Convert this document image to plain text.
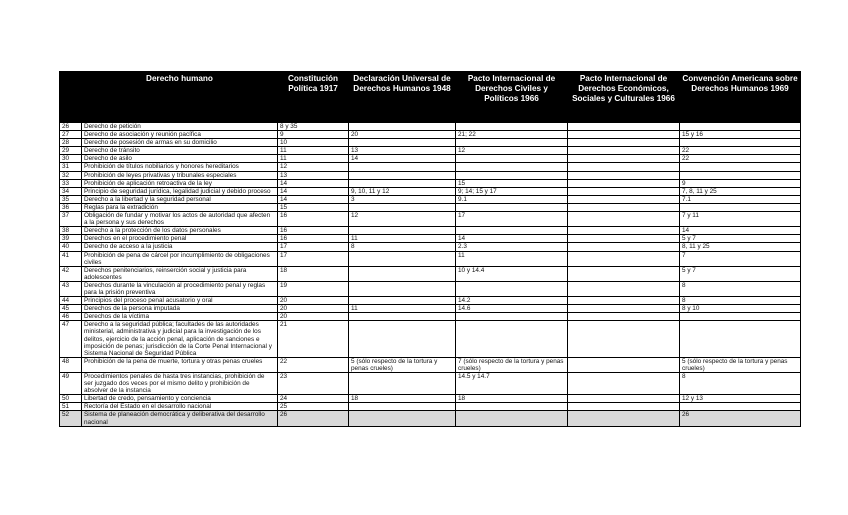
	Derecho humano	Constitución Política 1917	Declaración Universal de Derechos Humanos 1948	Pacto Internacional de Derechos Civiles y Políticos 1966	Pacto Internacional de Derechos Económicos, Sociales y Culturales 1966	Convención Americana sobre Derechos Humanos 1969
26	Derecho de petición	8 y 35				
27	Derecho de asociación y reunión pacífica	9	20	21; 22		15 y 16
28	Derecho de posesión de armas en su domicilio	10				
29	Derecho de tránsito	11	13	12		22
30	Derecho de asilo	11	14			22
31	Prohibición de títulos nobiliarios y honores hereditarios	12				
32	Prohibición de leyes privativas y tribunales especiales	13				
33	Prohibición de aplicación retroactiva de la ley	14		15		9
34	Principio de seguridad jurídica, legalidad judicial y debido proceso	14	9, 10, 11 y 12	9; 14; 15 y 17		7, 8, 11 y 25
35	Derecho a la libertad y la seguridad personal	14	3	9.1		7.1
36	Reglas para la extradición	15				
37	Obligación de fundar y motivar los actos de autoridad que afecten a la persona y sus derechos	16	12	17		7 y 11
38	Derecho a la protección de los datos personales	16				14
39	Derechos en el procedimiento penal	16	11	14		5 y 7
40	Derecho de acceso a la justicia	17	8	2.3		8, 11 y 25
41	Prohibición de pena de cárcel por incumplimiento de obligaciones civiles	17		11		7
42	Derechos penitenciarios, reinserción social y justicia para adolescentes	18		10 y 14.4		5 y 7
43	Derechos durante la vinculación al procedimiento penal y reglas para la prisión preventiva	19				8
44	Principios del proceso penal acusatorio y oral	20		14.2		8
45	Derechos de la persona imputada	20	11	14.6		8 y 10
46	Derechos de la víctima	20				
47	Derecho a la seguridad pública; facultades de las autoridades ministerial, administrativa y judicial para la investigación de los delitos, ejercicio de la acción penal, aplicación de sanciones e imposición de penas; jurisdicción de la Corte Penal Internacional y Sistema Nacional de Seguridad Pública	21				
48	Prohibición de la pena de muerte, tortura y otras penas crueles	22	5 (sólo respecto de la tortura y penas crueles)	7 (sólo respecto de la tortura y penas crueles)		5 (sólo respecto de la tortura y penas crueles)
49	Procedimientos penales de hasta tres instancias, prohibición de ser juzgado dos veces por el mismo delito y prohibición de absolver de la instancia	23		14.5 y 14.7		8
50	Libertad de credo, pensamiento y conciencia	24	18	18		12 y 13
51	Rectoría del Estado en el desarrollo nacional	25				
52	Sistema de planeación democrática y deliberativa del desarrollo nacional	26				26
